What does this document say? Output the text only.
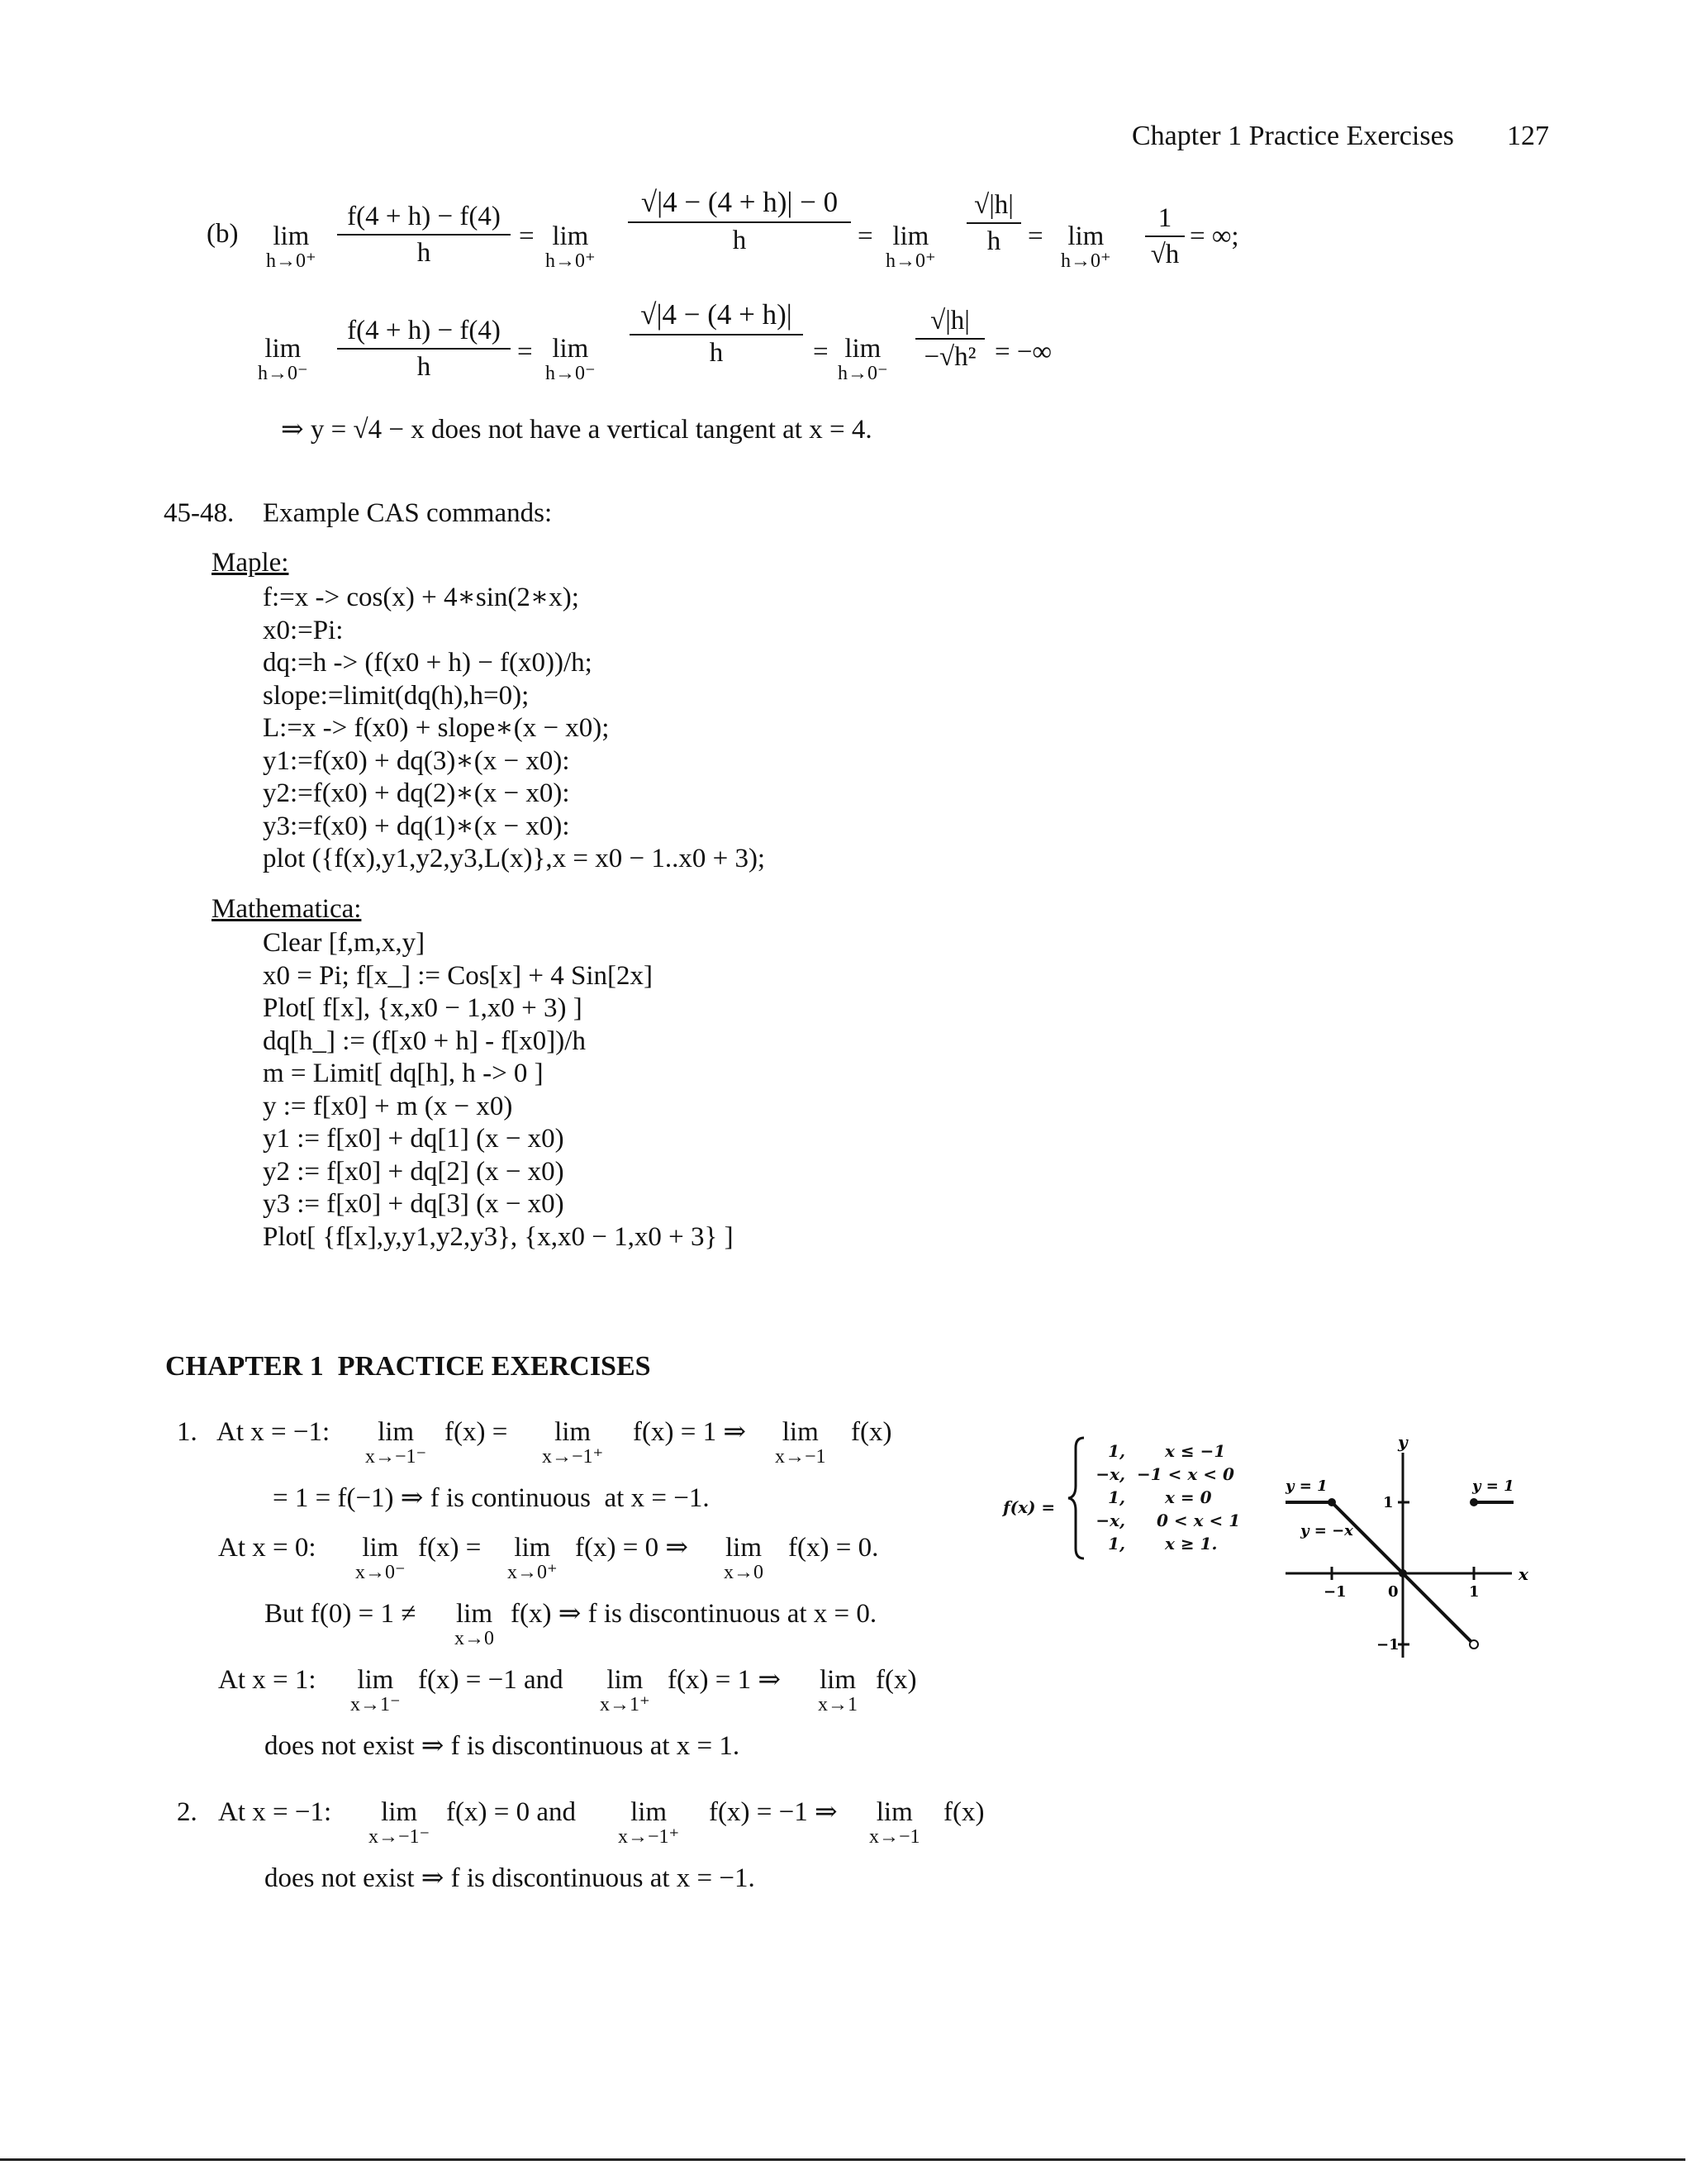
Chapter 1 Practice Exercises 127
(b) lim
h→0⁺
f(4 + h) − f(4)
h
= lim
h→0⁺
√|4 − (4 + h)| − 0
h	= lim
h→0⁺
√|h|
h = lim
h→0⁺
1
√h
= ∞;
lim
h→0⁻
f(4 + h) − f(4)
h
= lim
h→0⁻
√|4 − (4 + h)|
h	= lim
h→0⁻
√|h|
−√h² = −∞
⇒ y = √4 − x does not have a vertical tangent at x = 4.
45-48. Example CAS commands:
Maple:
f:=x -> cos(x) + 4∗sin(2∗x);
x0:=Pi:
dq:=h -> (f(x0 + h) − f(x0))/h;
slope:=limit(dq(h),h=0);
L:=x -> f(x0) + slope∗(x − x0);
y1:=f(x0) + dq(3)∗(x − x0):
y2:=f(x0) + dq(2)∗(x − x0):
y3:=f(x0) + dq(1)∗(x − x0):
plot ({f(x),y1,y2,y3,L(x)},x = x0 − 1..x0 + 3);
Mathematica:
Clear [f,m,x,y]
x0 = Pi; f[x_] := Cos[x] + 4 Sin[2x]
Plot[ f[x], {x,x0 − 1,x0 + 3) ]
dq[h_] := (f[x0 + h] - f[x0])/h
m = Limit[ dq[h], h -> 0 ]
y := f[x0] + m (x − x0)
y1 := f[x0] + dq[1] (x − x0)
y2 := f[x0] + dq[2] (x − x0)
y3 := f[x0] + dq[3] (x − x0)
Plot[ {f[x],y,y1,y2,y3}, {x,x0 − 1,x0 + 3} ]
CHAPTER 1  PRACTICE EXERCISES
1. At x = −1: lim
x→−1⁻
f(x) = lim
x→−1⁺
f(x) = 1 ⇒ lim
x→−1
f(x)
= 1 = f(−1) ⇒ f is continuous  at x = −1.
At x = 0: lim
x→0⁻
f(x) = lim
x→0⁺
f(x) = 0 ⇒ lim
x→0
f(x) = 0.
But f(0) = 1 ≠ lim
x→0
f(x) ⇒ f is discontinuous at x = 0.
At x = 1: lim
x→1⁻
f(x) = −1 and lim
x→1⁺
f(x) = 1 ⇒ lim
x→1
f(x)
does not exist ⇒ f is discontinuous at x = 1.
2. At x = −1: lim
x→−1⁻
f(x) = 0 and lim
x→−1⁺
f(x) = −1 ⇒ lim
x→−1
f(x)
does not exist ⇒ f is discontinuous at x = −1.
f(x) =
1,
−x,
1,
−x,
1,
x ≤ −1
−1 < x < 0
x = 0
0 < x < 1
x ≥ 1.
y
x
y = 1	y = 1
y = −x
1
−1
−1	0	1
